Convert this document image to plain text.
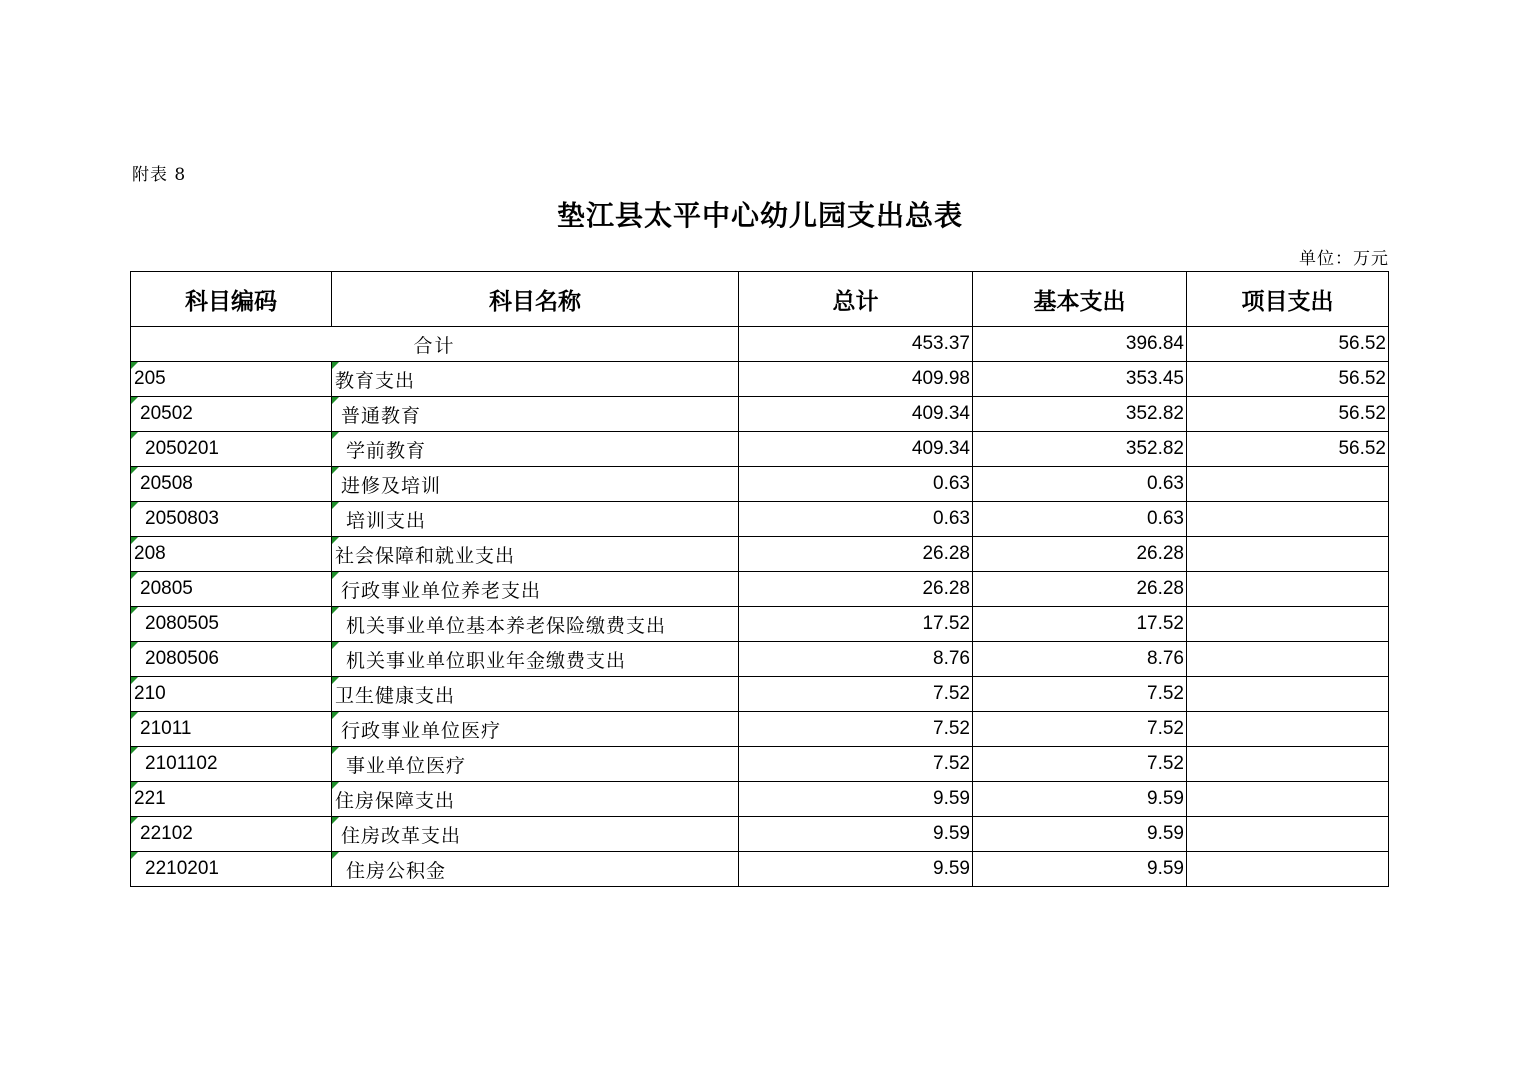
附表 8
垫江县太平中心幼儿园支出总表
单位：万元
科目编码	科目名称	总计	基本支出	项目支出
合计		453.37	396.84	56.52

205	教育支出	409.98	353.45	56.52

20502	普通教育	409.34	352.82	56.52

2050201	学前教育	409.34	352.82	56.52

20508	进修及培训	0.63	0.63	

2050803	培训支出	0.63	0.63	

208	社会保障和就业支出	26.28	26.28	

20805	行政事业单位养老支出	26.28	26.28	

2080505	机关事业单位基本养老保险缴费支出	17.52	17.52	

2080506	机关事业单位职业年金缴费支出	8.76	8.76	

210	卫生健康支出	7.52	7.52	

21011	行政事业单位医疗	7.52	7.52	

2101102	事业单位医疗	7.52	7.52	

221	住房保障支出	9.59	9.59	

22102	住房改革支出	9.59	9.59	

2210201	住房公积金	9.59	9.59	
